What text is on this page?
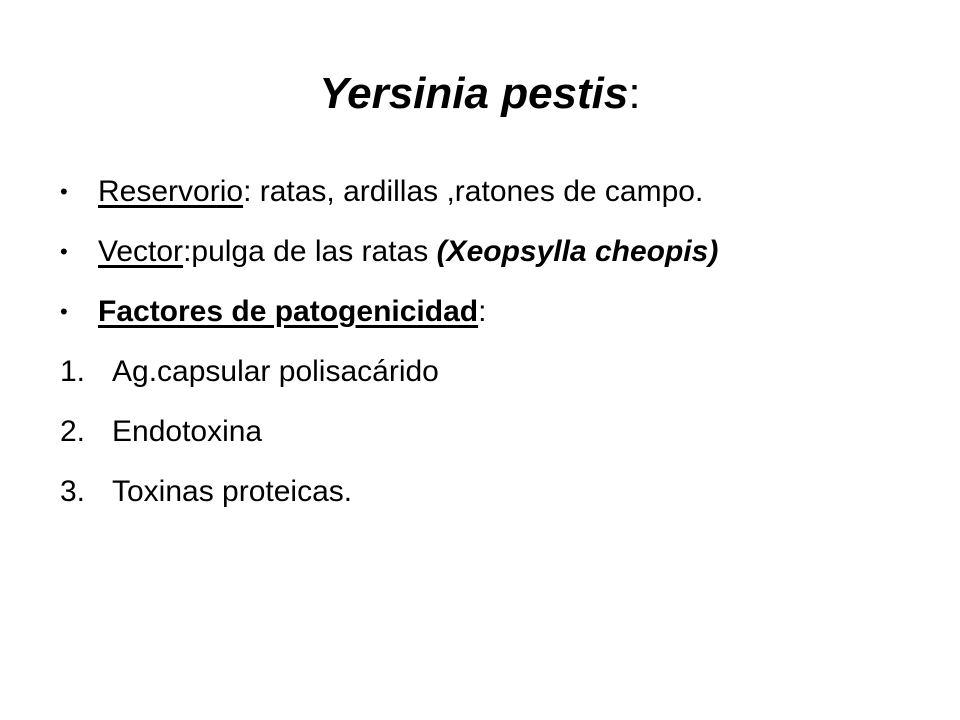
Yersinia pestis:
•	Reservorio: ratas, ardillas ,ratones de campo.
•	Vector:pulga de las ratas (Xeopsylla cheopis)
•	Factores de patogenicidad:
1. Ag.capsular polisacárido
2. Endotoxina
3. Toxinas proteicas.
